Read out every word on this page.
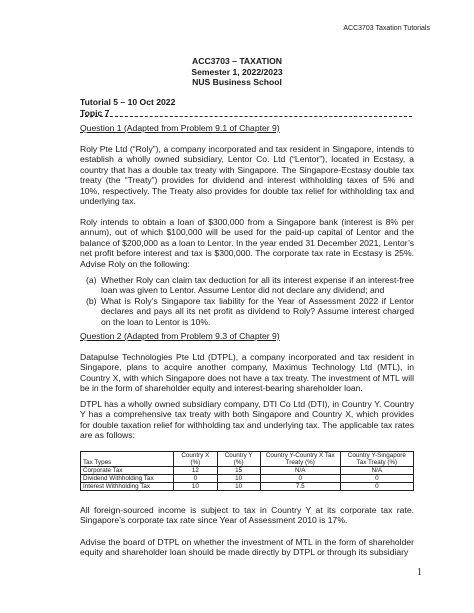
ACC3703 Taxation Tutorials
ACC3703 – TAXATION
Semester 1, 2022/2023
NUS Business School
Tutorial 5 – 10 Oct 2022
Topic 7
Question 1 (Adapted from Problem 9.1 of Chapter 9)
Roly Pte Ltd (“Roly”), a company incorporated and tax resident in Singapore, intends to establish a wholly owned subsidiary, Lentor Co. Ltd (“Lentor”), located in Ecstasy, a country that has a double tax treaty with Singapore. The Singapore-Ecstasy double tax treaty (the “Treaty”) provides for dividend and interest withholding taxes of 5% and 10%, respectively. The Treaty also provides for double tax relief for withholding tax and underlying tax.
Roly intends to obtain a loan of $300,000 from a Singapore bank (interest is 8% per annum), out of which $100,000 will be used for the paid-up capital of Lentor and the balance of $200,000 as a loan to Lentor. In the year ended 31 December 2021, Lentor’s net profit before interest and tax is $300,000. The corporate tax rate in Ecstasy is 25%. Advise Roly on the following:
(a) Whether Roly can claim tax deduction for all its interest expense if an interest-free loan was given to Lentor. Assume Lentor did not declare any dividend; and
(b) What is Roly’s Singapore tax liability for the Year of Assessment 2022 if Lentor declares and pays all its net profit as dividend to Roly? Assume interest charged on the loan to Lentor is 10%.
Question 2 (Adapted from Problem 9.3 of Chapter 9)
Datapulse Technologies Pte Ltd (DTPL), a company incorporated and tax resident in Singapore, plans to acquire another company, Maximus Technology Ltd (MTL), in Country X, with which Singapore does not have a tax treaty. The investment of MTL will be in the form of shareholder equity and interest-bearing shareholder loan.
DTPL has a wholly owned subsidiary company, DTI Co Ltd (DTI), in Country Y. Country Y has a comprehensive tax treaty with both Singapore and Country X, which provides for double taxation relief for withholding tax and underlying tax. The applicable tax rates are as follows:
Tax Types	Country X (%)	Country Y (%)	Country Y-Country X Tax Treaty (%)	Country Y-Singapore Tax Treaty (%)
Corporate Tax	12	15	N/A	N/A
Dividend Withholding Tax	0	10	0	0
Interest Withholding Tax	10	10	7.5	0
All foreign-sourced income is subject to tax in Country Y at its corporate tax rate. Singapore’s corporate tax rate since Year of Assessment 2010 is 17%.
Advise the board of DTPL on whether the investment of MTL in the form of shareholder equity and shareholder loan should be made directly by DTPL or through its subsidiary
1
